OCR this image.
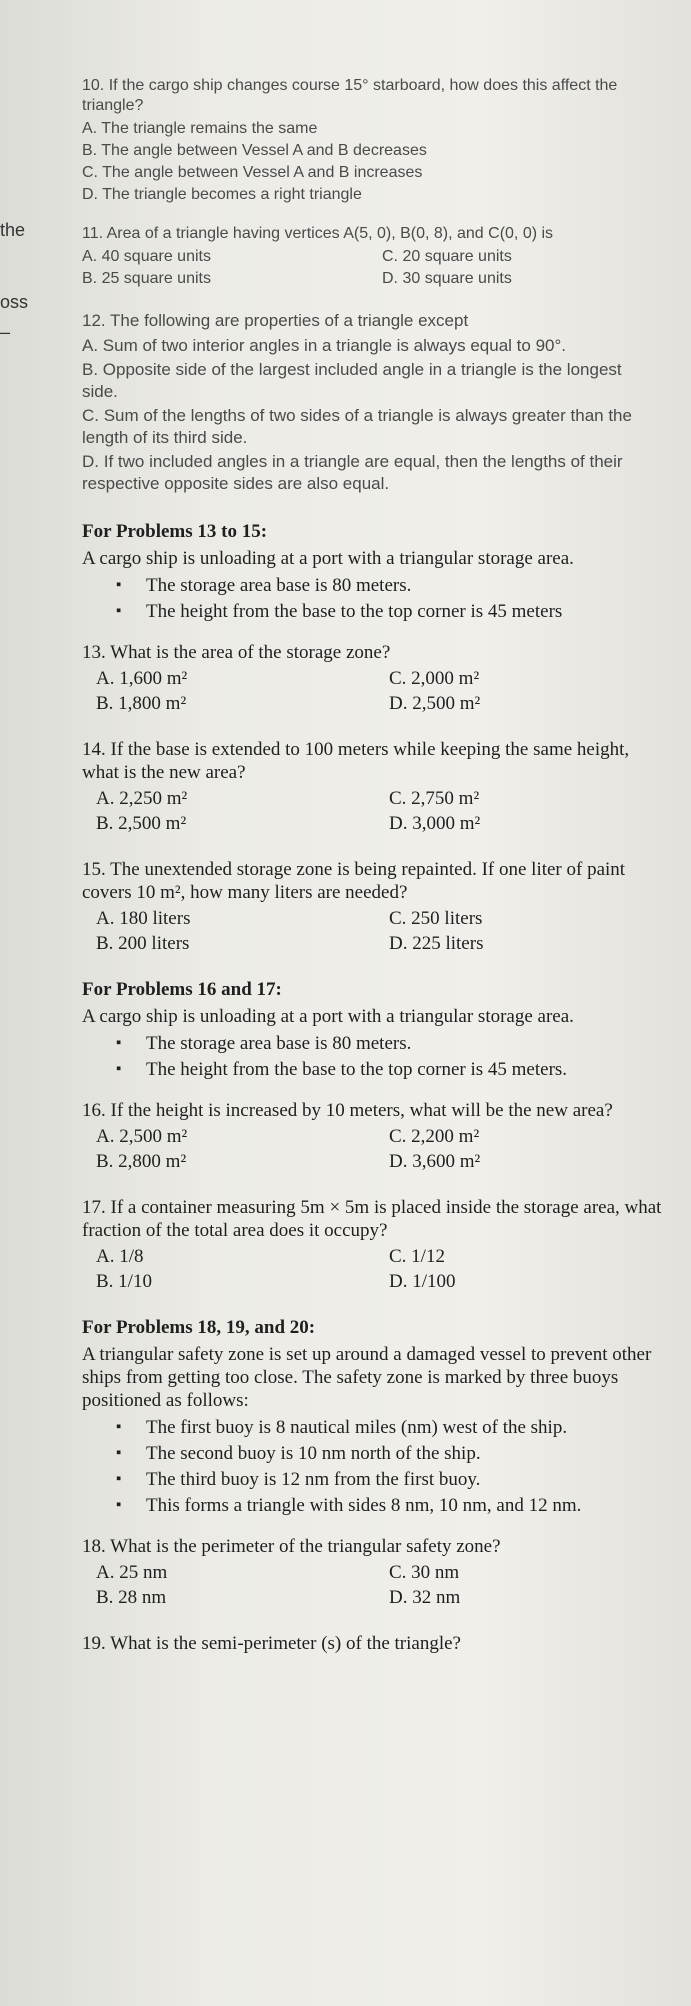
the
oss
–
10. If the cargo ship changes course 15° starboard, how does this affect the triangle?
A. The triangle remains the same
B. The angle between Vessel A and B decreases
C. The angle between Vessel A and B increases
D. The triangle becomes a right triangle
11. Area of a triangle having vertices A(5, 0), B(0, 8), and C(0, 0) is
A. 40 square units	C. 20 square units
B. 25 square units	D. 30 square units
12. The following are properties of a triangle except
A. Sum of two interior angles in a triangle is always equal to 90°.
B. Opposite side of the largest included angle in a triangle is the longest side.
C. Sum of the lengths of two sides of a triangle is always greater than the length of its third side.
D. If two included angles in a triangle are equal, then the lengths of their respective opposite sides are also equal.
For Problems 13 to 15:
A cargo ship is unloading at a port with a triangular storage area.
▪ The storage area base is 80 meters.
▪ The height from the base to the top corner is 45 meters
13. What is the area of the storage zone?
A. 1,600 m²	C. 2,000 m²
B. 1,800 m²	D. 2,500 m²
14. If the base is extended to 100 meters while keeping the same height, what is the new area?
A. 2,250 m²	C. 2,750 m²
B. 2,500 m²	D. 3,000 m²
15. The unextended storage zone is being repainted. If one liter of paint covers 10 m², how many liters are needed?
A. 180 liters	C. 250 liters
B. 200 liters	D. 225 liters
For Problems 16 and 17:
A cargo ship is unloading at a port with a triangular storage area.
▪ The storage area base is 80 meters.
▪ The height from the base to the top corner is 45 meters.
16. If the height is increased by 10 meters, what will be the new area?
A. 2,500 m²	C. 2,200 m²
B. 2,800 m²	D. 3,600 m²
17. If a container measuring 5m × 5m is placed inside the storage area, what fraction of the total area does it occupy?
A. 1/8	C. 1/12
B. 1/10	D. 1/100
For Problems 18, 19, and 20:
A triangular safety zone is set up around a damaged vessel to prevent other ships from getting too close. The safety zone is marked by three buoys positioned as follows:
▪ The first buoy is 8 nautical miles (nm) west of the ship.
▪ The second buoy is 10 nm north of the ship.
▪ The third buoy is 12 nm from the first buoy.
▪ This forms a triangle with sides 8 nm, 10 nm, and 12 nm.
18. What is the perimeter of the triangular safety zone?
A. 25 nm	C. 30 nm
B. 28 nm	D. 32 nm
19. What is the semi-perimeter (s) of the triangle?
